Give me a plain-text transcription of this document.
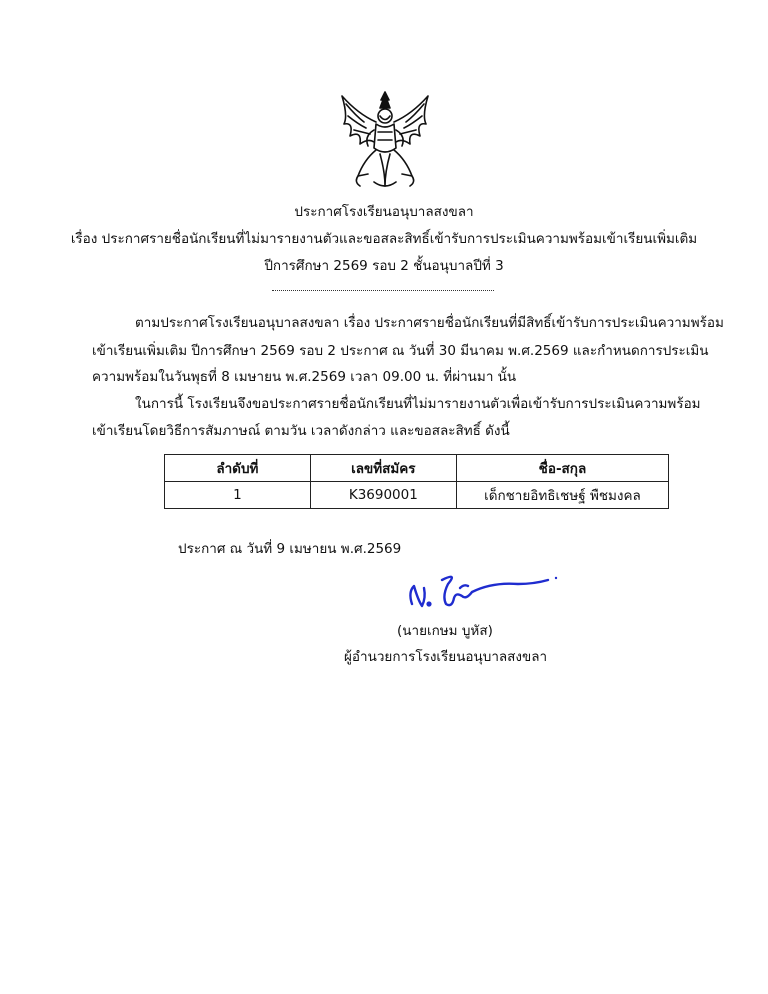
ประกาศโรงเรียนอนุบาลสงขลา
เรื่อง ประกาศรายชื่อนักเรียนที่ไม่มารายงานตัวและขอสละสิทธิ์เข้ารับการประเมินความพร้อมเข้าเรียนเพิ่มเติม
ปีการศึกษา 2569 รอบ 2 ชั้นอนุบาลปีที่ 3
ตามประกาศโรงเรียนอนุบาลสงขลา เรื่อง ประกาศรายชื่อนักเรียนที่มีสิทธิ์เข้ารับการประเมินความพร้อม
เข้าเรียนเพิ่มเติม ปีการศึกษา 2569 รอบ 2 ประกาศ ณ วันที่ 30 มีนาคม พ.ศ.2569 และกำหนดการประเมิน
ความพร้อมในวันพุธที่ 8 เมษายน พ.ศ.2569 เวลา 09.00 น. ที่ผ่านมา นั้น
ในการนี้ โรงเรียนจึงขอประกาศรายชื่อนักเรียนที่ไม่มารายงานตัวเพื่อเข้ารับการประเมินความพร้อม
เข้าเรียนโดยวิธีการสัมภาษณ์ ตามวัน เวลาดังกล่าว และขอสละสิทธิ์ ดังนี้
ลำดับที่	เลขที่สมัคร	ชื่อ-สกุล
1	K3690001	เด็กชายอิทธิเชษฐ์ พืชมงคล
ประกาศ ณ วันที่ 9 เมษายน พ.ศ.2569
(นายเกษม บูหัส)
ผู้อำนวยการโรงเรียนอนุบาลสงขลา
